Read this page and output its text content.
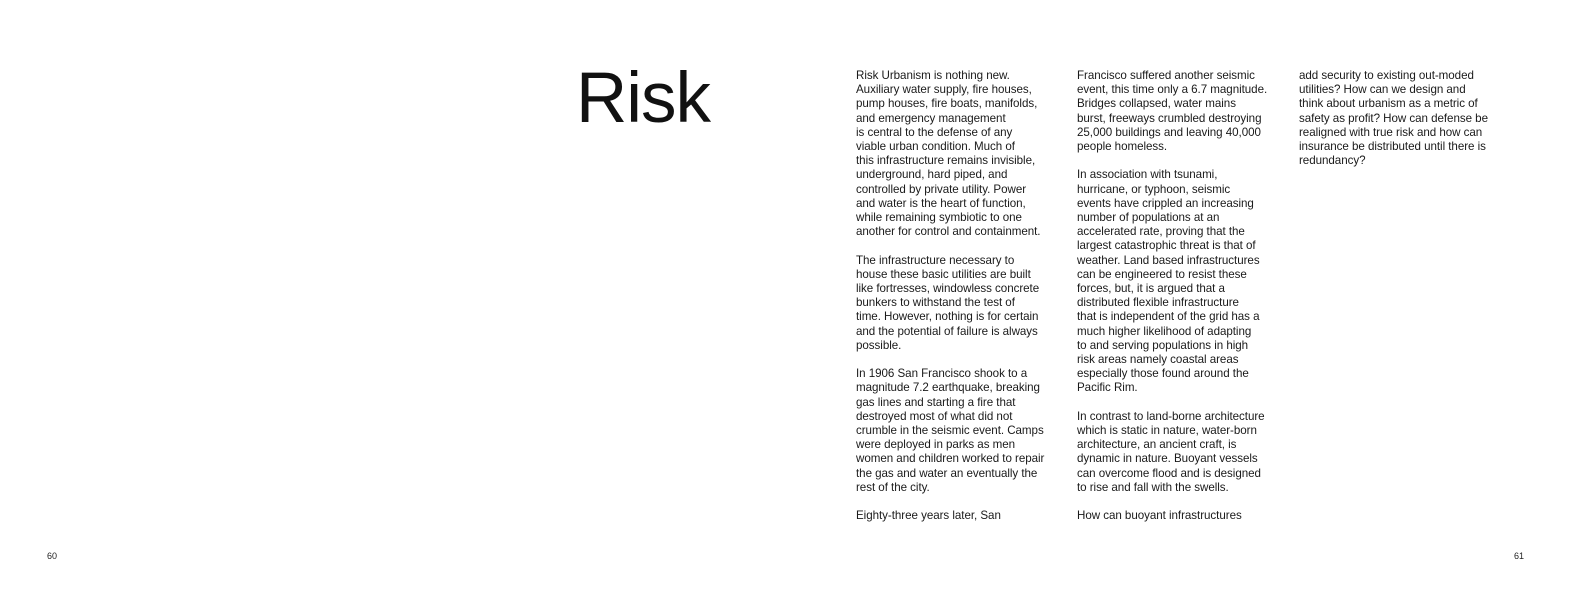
Risk	Risk Urbanism is nothing new.
Auxiliary water supply, fire houses,
pump houses, fire boats, manifolds,
and emergency management
is central to the defense of any
viable urban condition. Much of
this infrastructure remains invisible,
underground, hard piped, and
controlled by private utility. Power
and water is the heart of function,
while remaining symbiotic to one
another for control and containment.

The infrastructure necessary to
house these basic utilities are built
like fortresses, windowless concrete
bunkers to withstand the test of
time. However, nothing is for certain
and the potential of failure is always
possible.

In 1906 San Francisco shook to a
magnitude 7.2 earthquake, breaking
gas lines and starting a fire that
destroyed most of what did not
crumble in the seismic event. Camps
were deployed in parks as men
women and children worked to repair
the gas and water an eventually the
rest of the city.

Eighty-three years later, San

Francisco suffered another seismic
event, this time only a 6.7 magnitude.
Bridges collapsed, water mains
burst, freeways crumbled destroying
25,000 buildings and leaving 40,000
people homeless.

In association with tsunami,
hurricane, or typhoon, seismic
events have crippled an increasing
number of populations at an
accelerated rate, proving that the
largest catastrophic threat is that of
weather. Land based infrastructures
can be engineered to resist these
forces, but, it is argued that a
distributed flexible infrastructure
that is independent of the grid has a
much higher likelihood of adapting
to and serving populations in high
risk areas namely coastal areas
especially those found around the
Pacific Rim.

In contrast to land-borne architecture
which is static in nature, water-born
architecture, an ancient craft, is
dynamic in nature. Buoyant vessels
can overcome flood and is designed
to rise and fall with the swells.

How can buoyant infrastructures

add security to existing out-moded
utilities? How can we design and
think about urbanism as a metric of
safety as profit? How can defense be
realigned with true risk and how can
insurance be distributed until there is
redundancy?

60	61
